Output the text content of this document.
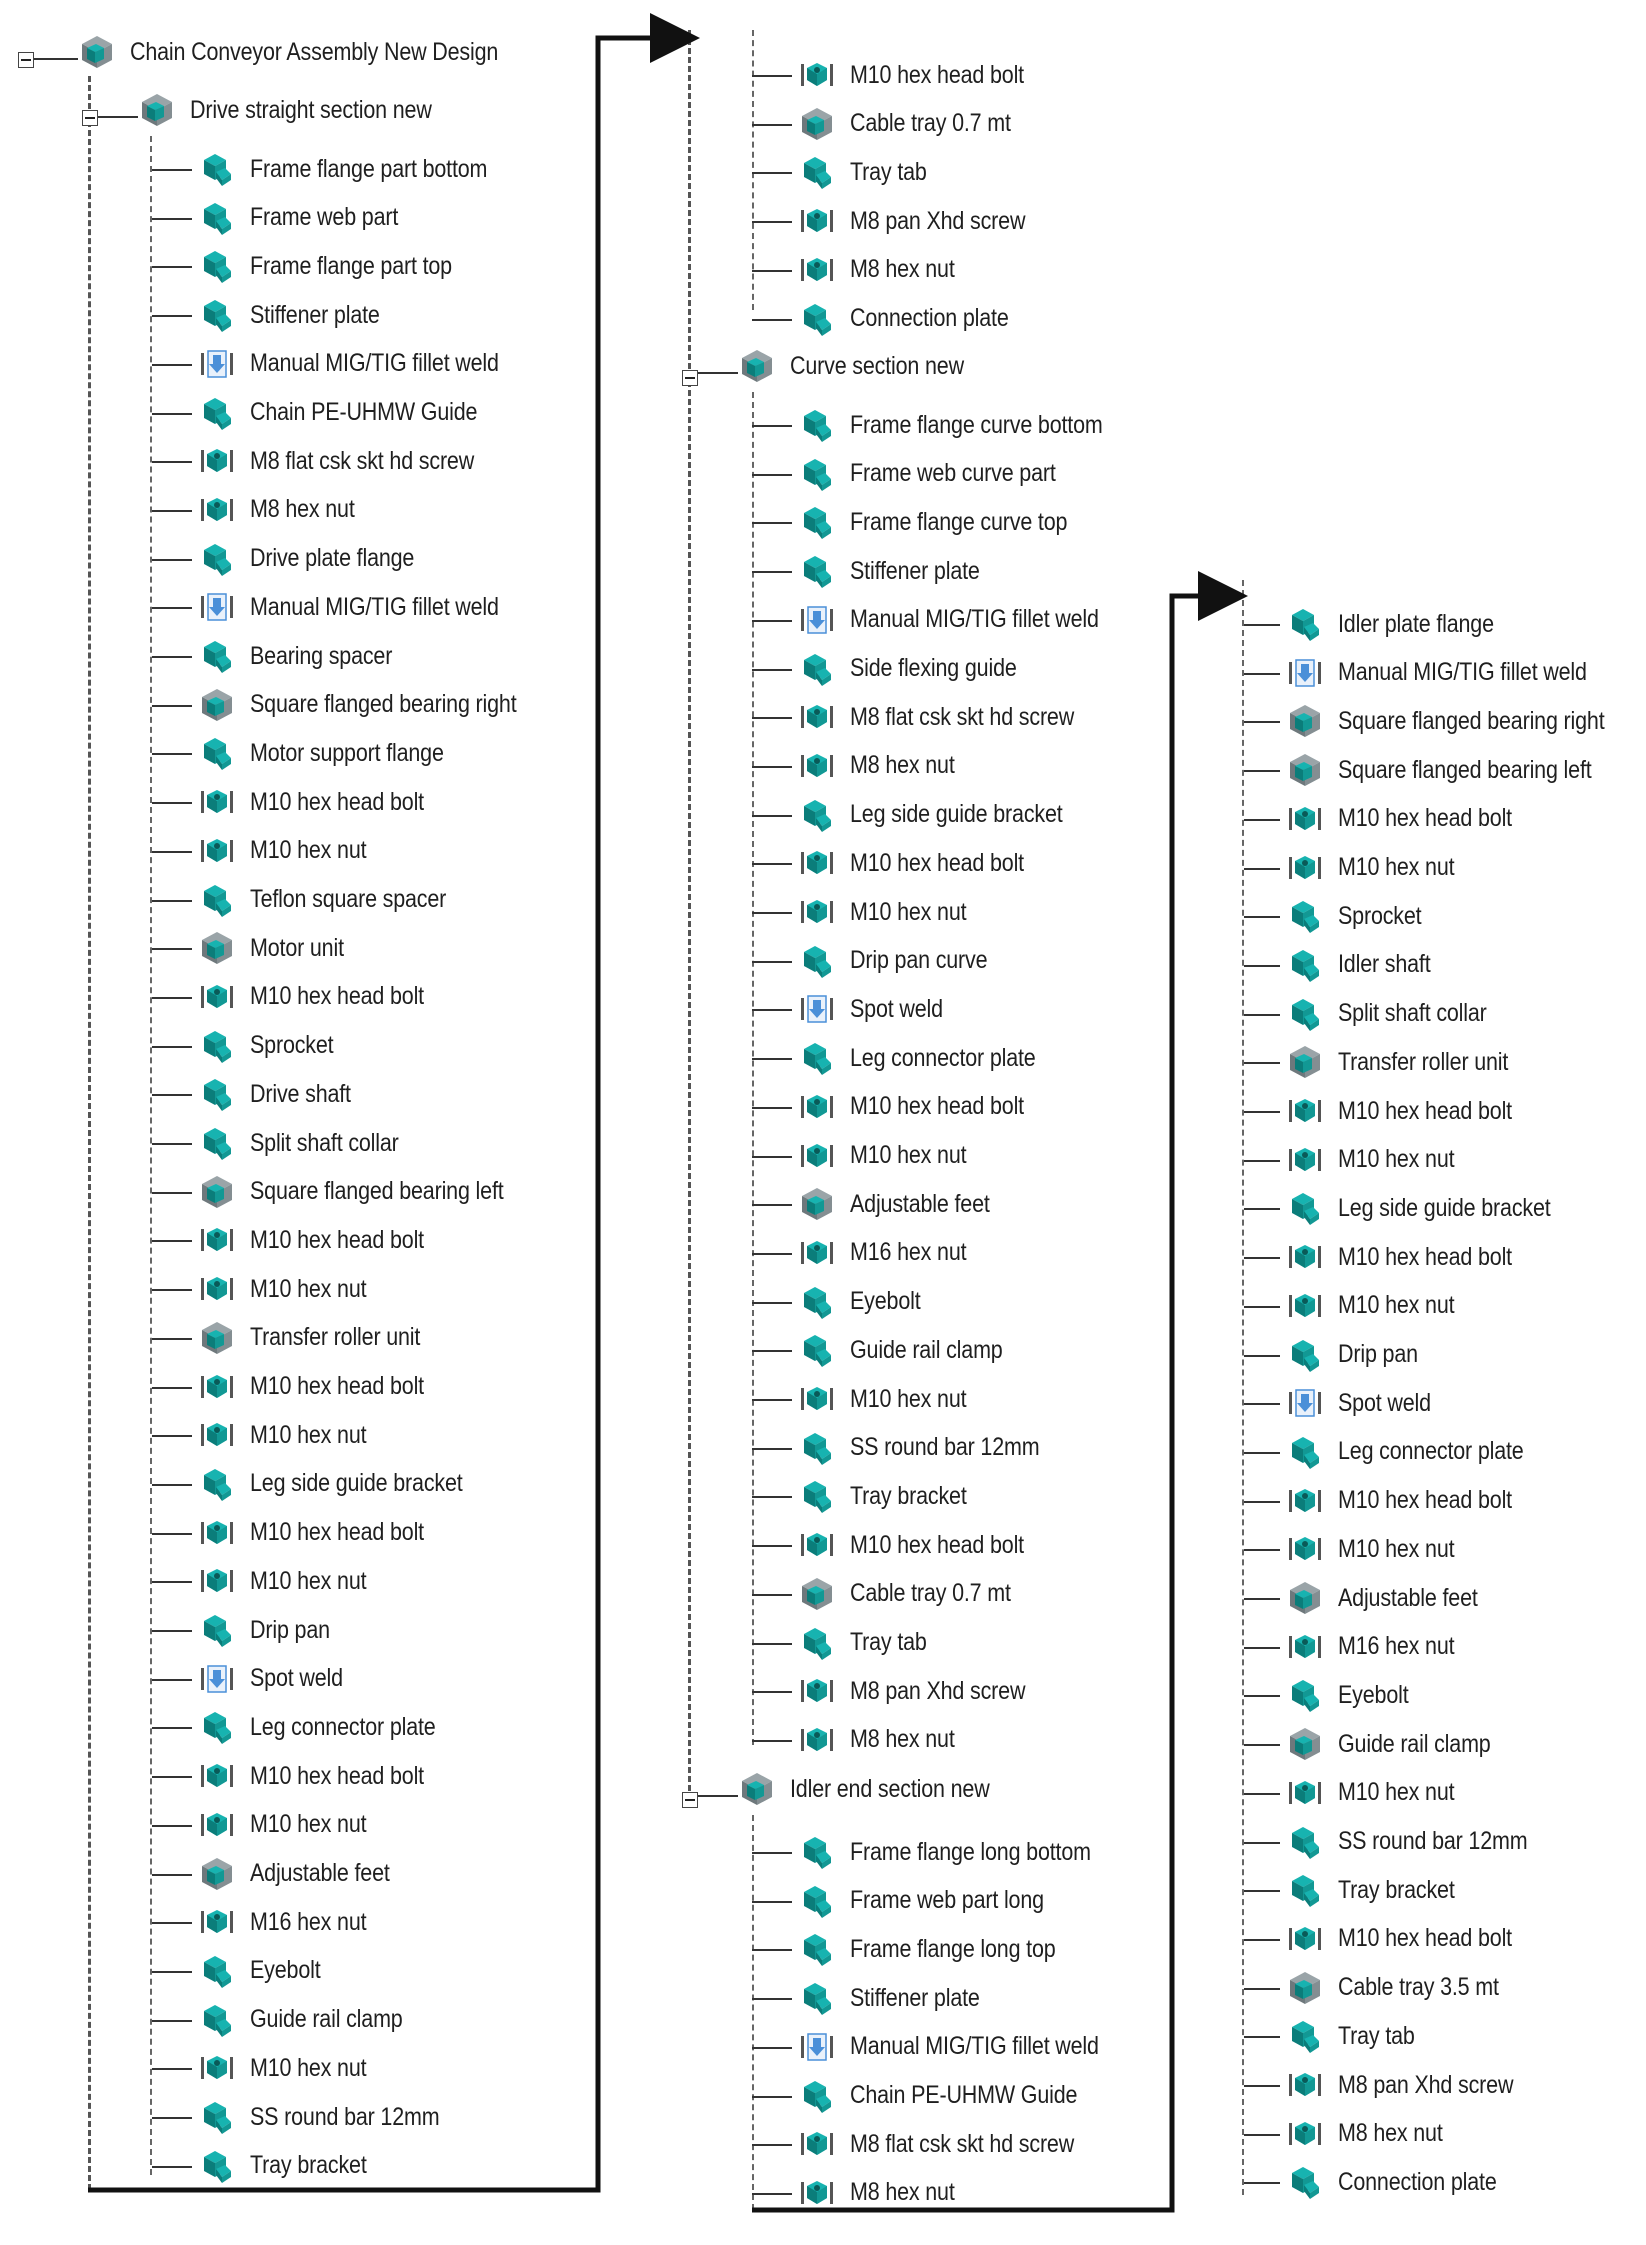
Chain Conveyor Assembly New Design
Drive straight section new
Frame flange part bottom
Frame web part
Frame flange part top
Stiffener plate
Manual MIG/TIG fillet weld
Chain PE-UHMW Guide
M8 flat csk skt hd screw
M8 hex nut
Drive plate flange
Manual MIG/TIG fillet weld
Bearing spacer
Square flanged bearing right
Motor support flange
M10 hex head bolt
M10 hex nut
Teflon square spacer
Motor unit
M10 hex head bolt
Sprocket
Drive shaft
Split shaft collar
Square flanged bearing left
M10 hex head bolt
M10 hex nut
Transfer roller unit
M10 hex head bolt
M10 hex nut
Leg side guide bracket
M10 hex head bolt
M10 hex nut
Drip pan
Spot weld
Leg connector plate
M10 hex head bolt
M10 hex nut
Adjustable feet
M16 hex nut
Eyebolt
Guide rail clamp
M10 hex nut
SS round bar 12mm
Tray bracket
M10 hex head bolt
Cable tray 0.7 mt
Tray tab
M8 pan Xhd screw
M8 hex nut
Connection plate
Curve section new
Frame flange curve bottom
Frame web curve part
Frame flange curve top
Stiffener plate
Manual MIG/TIG fillet weld
Side flexing guide
M8 flat csk skt hd screw
M8 hex nut
Leg side guide bracket
M10 hex head bolt
M10 hex nut
Drip pan curve
Spot weld
Leg connector plate
M10 hex head bolt
M10 hex nut
Adjustable feet
M16 hex nut
Eyebolt
Guide rail clamp
M10 hex nut
SS round bar 12mm
Tray bracket
M10 hex head bolt
Cable tray 0.7 mt
Tray tab
M8 pan Xhd screw
M8 hex nut
Idler end section new
Frame flange long bottom
Frame web part long
Frame flange long top
Stiffener plate
Manual MIG/TIG fillet weld
Chain PE-UHMW Guide
M8 flat csk skt hd screw
M8 hex nut
Idler plate flange
Manual MIG/TIG fillet weld
Square flanged bearing right
Square flanged bearing left
M10 hex head bolt
M10 hex nut
Sprocket
Idler shaft
Split shaft collar
Transfer roller unit
M10 hex head bolt
M10 hex nut
Leg side guide bracket
M10 hex head bolt
M10 hex nut
Drip pan
Spot weld
Leg connector plate
M10 hex head bolt
M10 hex nut
Adjustable feet
M16 hex nut
Eyebolt
Guide rail clamp
M10 hex nut
SS round bar 12mm
Tray bracket
M10 hex head bolt
Cable tray 3.5 mt
Tray tab
M8 pan Xhd screw
M8 hex nut
Connection plate
